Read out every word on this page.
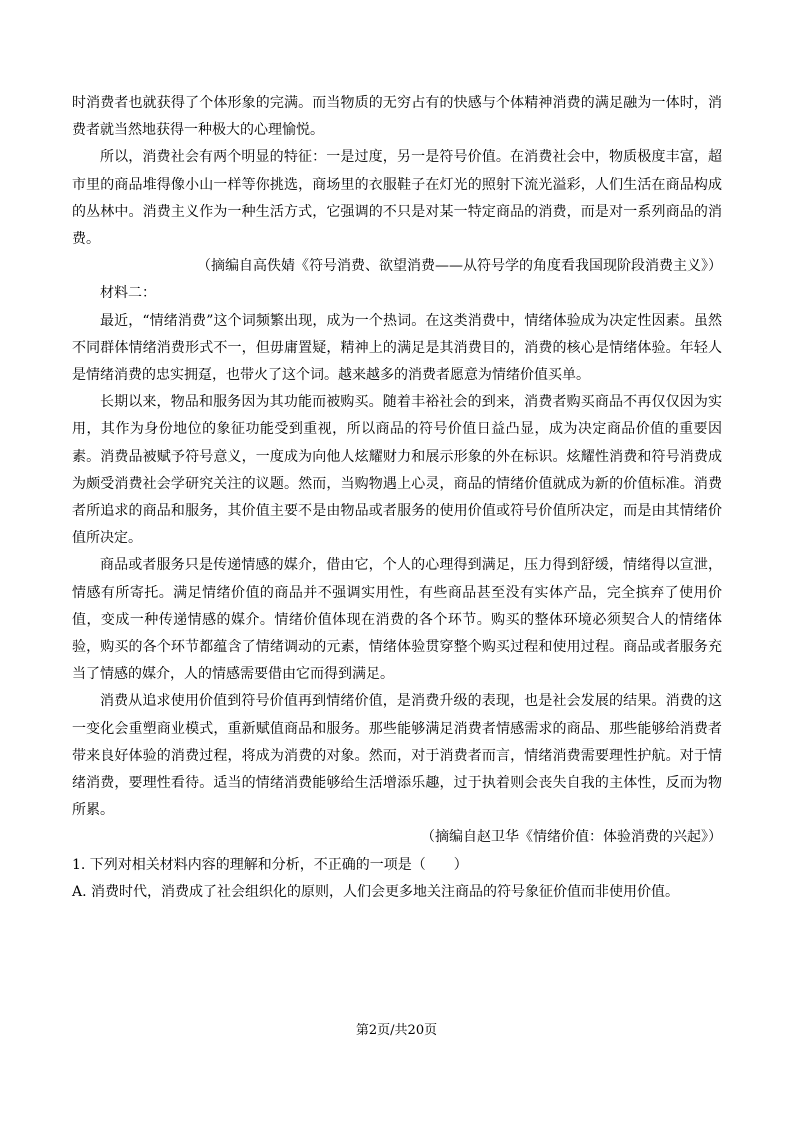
时消费者也就获得了个体形象的完满。而当物质的无穷占有的快感与个体精神消费的满足融为一体时，消费者就当然地获得一种极大的心理愉悦。

所以，消费社会有两个明显的特征：一是过度，另一是符号价值。在消费社会中，物质极度丰富，超市里的商品堆得像小山一样等你挑选，商场里的衣服鞋子在灯光的照射下流光溢彩，人们生活在商品构成的丛林中。消费主义作为一种生活方式，它强调的不只是对某一特定商品的消费，而是对一系列商品的消费。

（摘编自高佚婧《符号消费、欲望消费——从符号学的角度看我国现阶段消费主义》）

材料二：

最近，“情绪消费”这个词频繁出现，成为一个热词。在这类消费中，情绪体验成为决定性因素。虽然不同群体情绪消费形式不一，但毋庸置疑，精神上的满足是其消费目的，消费的核心是情绪体验。年轻人是情绪消费的忠实拥趸，也带火了这个词。越来越多的消费者愿意为情绪价值买单。

长期以来，物品和服务因为其功能而被购买。随着丰裕社会的到来，消费者购买商品不再仅仅因为实用，其作为身份地位的象征功能受到重视，所以商品的符号价值日益凸显，成为决定商品价值的重要因素。消费品被赋予符号意义，一度成为向他人炫耀财力和展示形象的外在标识。炫耀性消费和符号消费成为颇受消费社会学研究关注的议题。然而，当购物遇上心灵，商品的情绪价值就成为新的价值标准。消费者所追求的商品和服务，其价值主要不是由物品或者服务的使用价值或符号价值所决定，而是由其情绪价值所决定。

商品或者服务只是传递情感的媒介，借由它，个人的心理得到满足，压力得到舒缓，情绪得以宣泄，情感有所寄托。满足情绪价值的商品并不强调实用性，有些商品甚至没有实体产品，完全摈弃了使用价值，变成一种传递情感的媒介。情绪价值体现在消费的各个环节。购买的整体环境必须契合人的情绪体验，购买的各个环节都蕴含了情绪调动的元素，情绪体验贯穿整个购买过程和使用过程。商品或者服务充当了情感的媒介，人的情感需要借由它而得到满足。

消费从追求使用价值到符号价值再到情绪价值，是消费升级的表现，也是社会发展的结果。消费的这一变化会重塑商业模式，重新赋值商品和服务。那些能够满足消费者情感需求的商品、那些能够给消费者带来良好体验的消费过程，将成为消费的对象。然而，对于消费者而言，情绪消费需要理性护航。对于情绪消费，要理性看待。适当的情绪消费能够给生活增添乐趣，过于执着则会丧失自我的主体性，反而为物所累。

（摘编自赵卫华《情绪价值：体验消费的兴起》）

1. 下列对相关材料内容的理解和分析，不正确的一项是（　　）

A. 消费时代，消费成了社会组织化的原则，人们会更多地关注商品的符号象征价值而非使用价值。

第2页/共20页
